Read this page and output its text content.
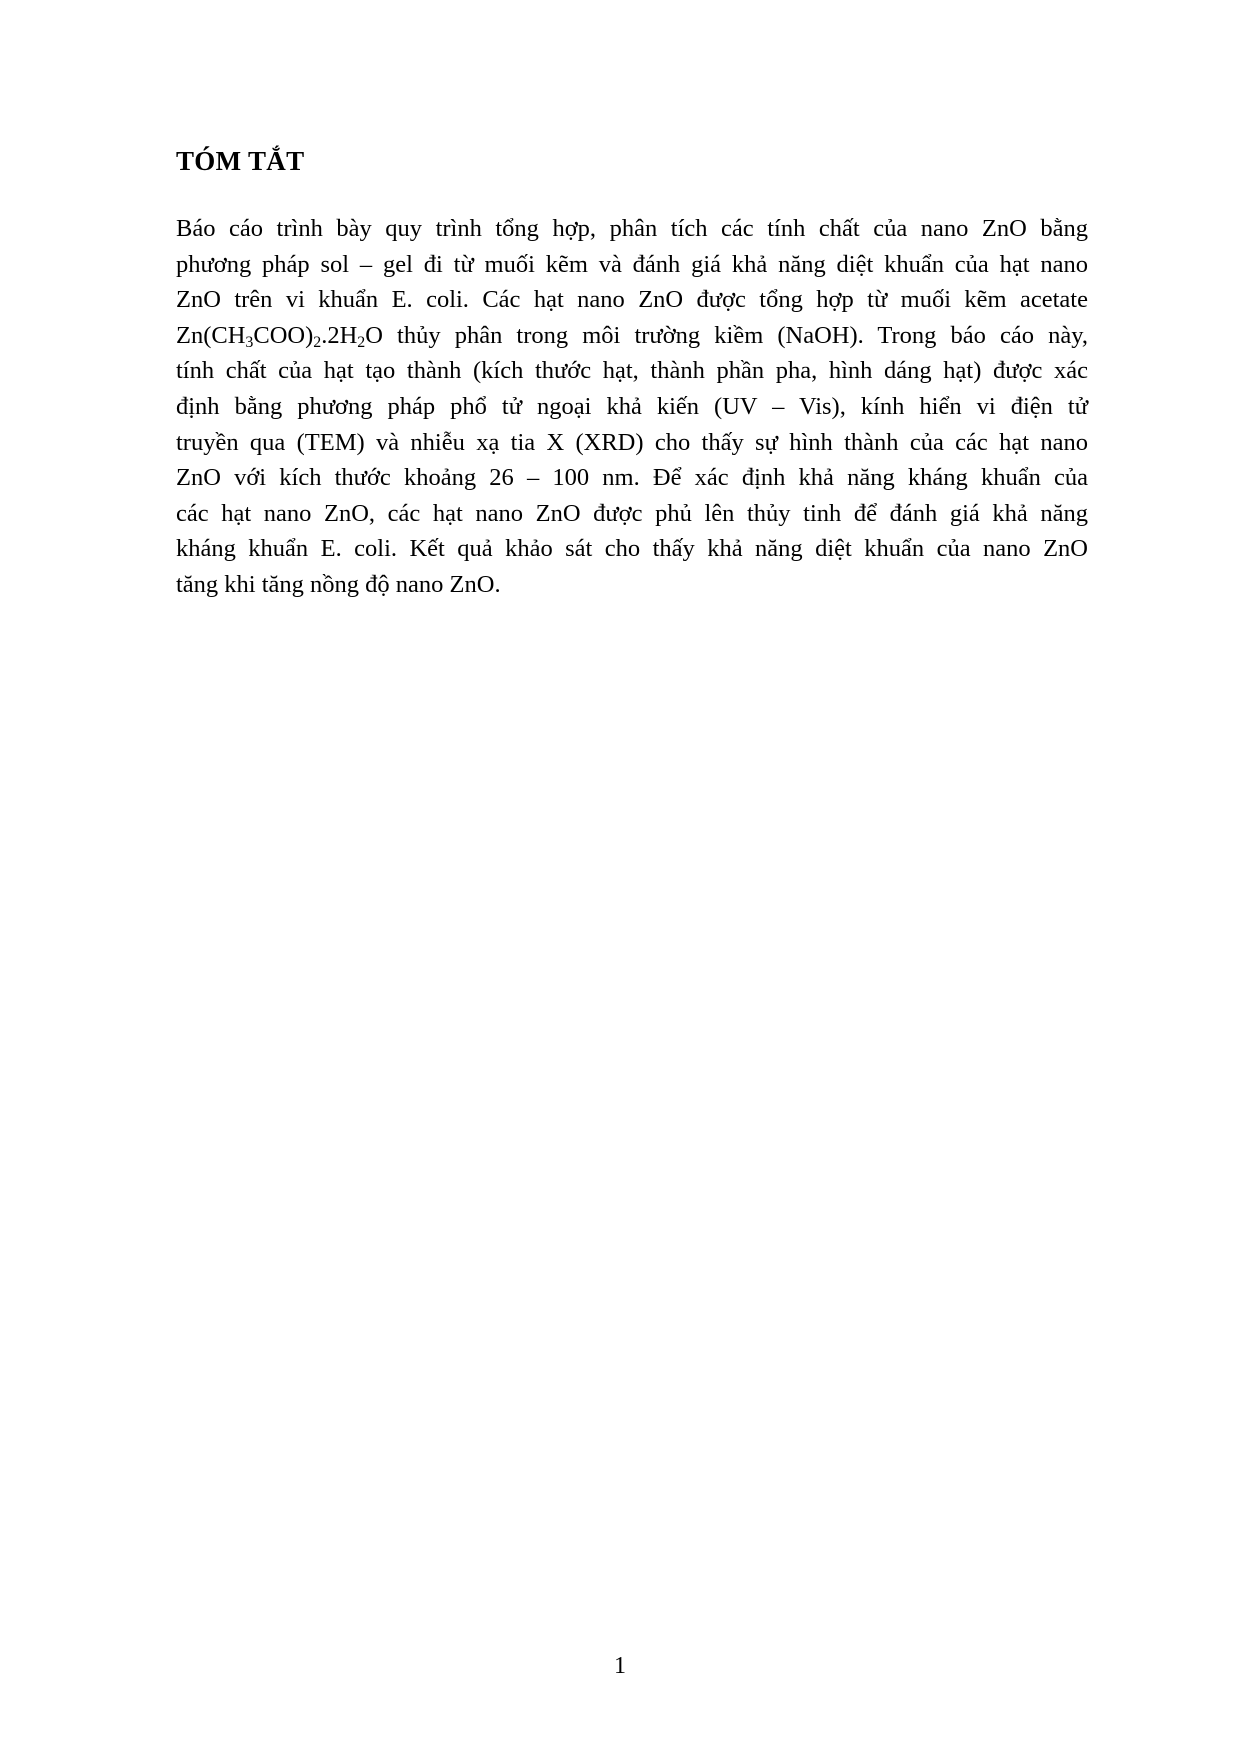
TÓM TẮT
Báo cáo trình bày quy trình tổng hợp, phân tích các tính chất của nano ZnO bằng
phương pháp sol – gel đi từ muối kẽm và đánh giá khả năng diệt khuẩn của hạt nano
ZnO trên vi khuẩn E. coli. Các hạt nano ZnO được tổng hợp từ muối kẽm acetate
$Zn(CH_3COO)_2.2H_2O$ thủy phân trong môi trường kiềm (NaOH). Trong báo cáo này,
tính chất của hạt tạo thành (kích thước hạt, thành phần pha, hình dáng hạt) được xác
định bằng phương pháp phổ tử ngoại khả kiến (UV – Vis), kính hiển vi điện tử
truyền qua (TEM) và nhiễu xạ tia X (XRD) cho thấy sự hình thành của các hạt nano
ZnO với kích thước khoảng 26 – 100 nm. Để xác định khả năng kháng khuẩn của
các hạt nano ZnO, các hạt nano ZnO được phủ lên thủy tinh để đánh giá khả năng
kháng khuẩn E. coli. Kết quả khảo sát cho thấy khả năng diệt khuẩn của nano ZnO
tăng khi tăng nồng độ nano ZnO.
1
